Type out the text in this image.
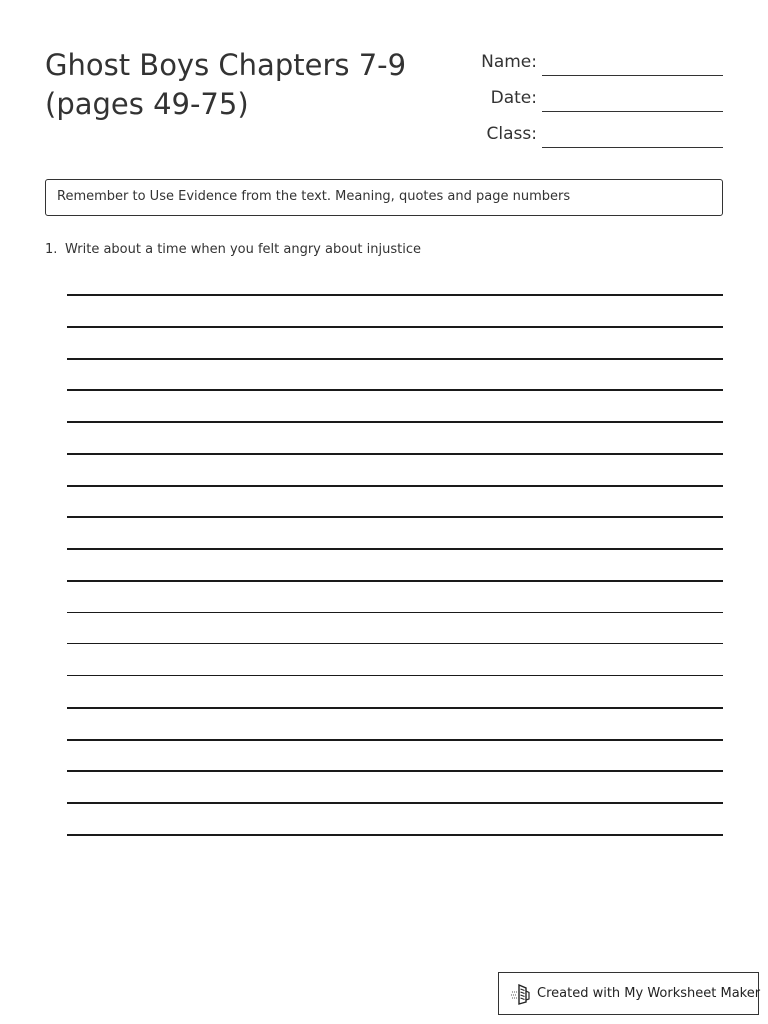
Ghost Boys Chapters 7-9
(pages 49-75)
Name:
Date:
Class:
Remember to Use Evidence from the text. Meaning, quotes and page numbers
1. Write about a time when you felt angry about injustice
Created with My Worksheet Maker
